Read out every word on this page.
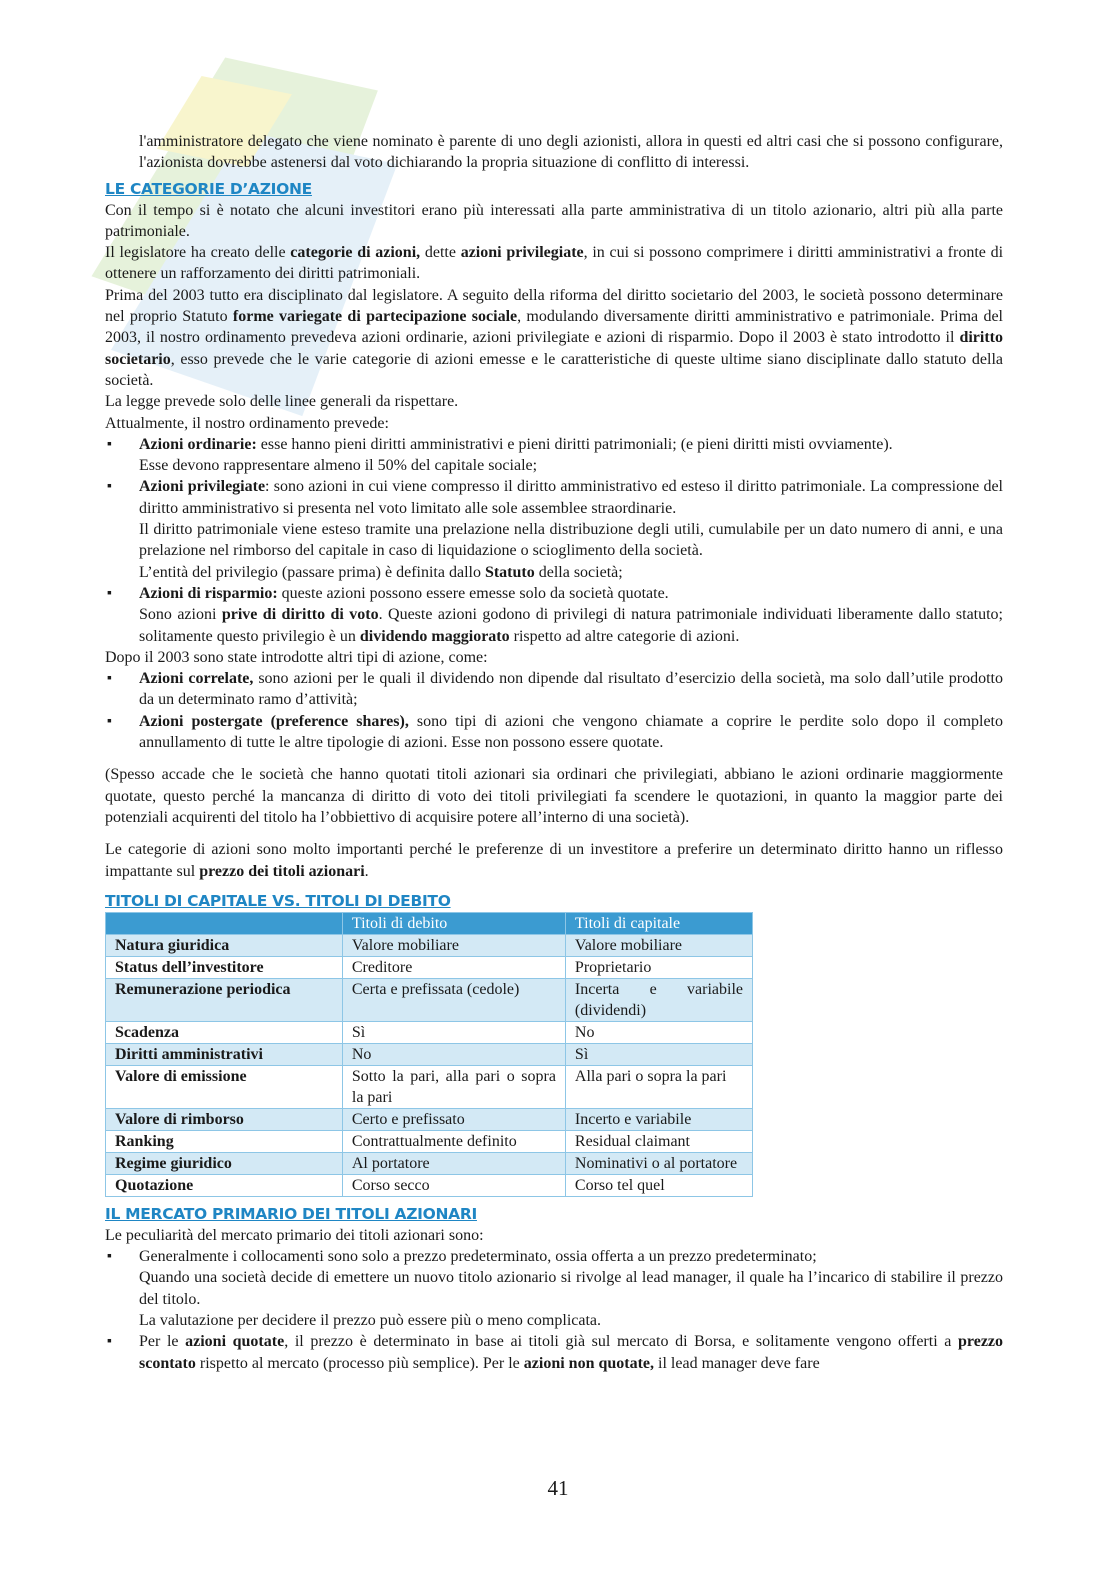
l'amministratore delegato che viene nominato è parente di uno degli azionisti, allora in questi ed altri casi che si possono configurare, l'azionista dovrebbe astenersi dal voto dichiarando la propria situazione di conflitto di interessi.

LE CATEGORIE D’AZIONE

Con il tempo si è notato che alcuni investitori erano più interessati alla parte amministrativa di un titolo azionario, altri più alla parte patrimoniale.

Il legislatore ha creato delle categorie di azioni, dette azioni privilegiate, in cui si possono comprimere i diritti amministrativi a fronte di ottenere un rafforzamento dei diritti patrimoniali.

Prima del 2003 tutto era disciplinato dal legislatore. A seguito della riforma del diritto societario del 2003, le società possono determinare nel proprio Statuto forme variegate di partecipazione sociale, modulando diversamente diritti amministrativo e patrimoniale. Prima del 2003, il nostro ordinamento prevedeva azioni ordinarie, azioni privilegiate e azioni di risparmio. Dopo il 2003 è stato introdotto il diritto societario, esso prevede che le varie categorie di azioni emesse e le caratteristiche di queste ultime siano disciplinate dallo statuto della società.

La legge prevede solo delle linee generali da rispettare.

Attualmente, il nostro ordinamento prevede:

▪ Azioni ordinarie: esse hanno pieni diritti amministrativi e pieni diritti patrimoniali; (e pieni diritti misti ovviamente).
Esse devono rappresentare almeno il 50% del capitale sociale;
▪ Azioni privilegiate: sono azioni in cui viene compresso il diritto amministrativo ed esteso il diritto patrimoniale. La compressione del diritto amministrativo si presenta nel voto limitato alle sole assemblee straordinarie.
Il diritto patrimoniale viene esteso tramite una prelazione nella distribuzione degli utili, cumulabile per un dato numero di anni, e una prelazione nel rimborso del capitale in caso di liquidazione o scioglimento della società.
L’entità del privilegio (passare prima) è definita dallo Statuto della società;
▪ Azioni di risparmio: queste azioni possono essere emesse solo da società quotate.
Sono azioni prive di diritto di voto. Queste azioni godono di privilegi di natura patrimoniale individuati liberamente dallo statuto; solitamente questo privilegio è un dividendo maggiorato rispetto ad altre categorie di azioni.

Dopo il 2003 sono state introdotte altri tipi di azione, come:

▪ Azioni correlate, sono azioni per le quali il dividendo non dipende dal risultato d’esercizio della società, ma solo dall’utile prodotto da un determinato ramo d’attività;
▪ Azioni postergate (preference shares), sono tipi di azioni che vengono chiamate a coprire le perdite solo dopo il completo annullamento di tutte le altre tipologie di azioni. Esse non possono essere quotate.

(Spesso accade che le società che hanno quotati titoli azionari sia ordinari che privilegiati, abbiano le azioni ordinarie maggiormente quotate, questo perché la mancanza di diritto di voto dei titoli privilegiati fa scendere le quotazioni, in quanto la maggior parte dei potenziali acquirenti del titolo ha l’obbiettivo di acquisire potere all’interno di una società).

Le categorie di azioni sono molto importanti perché le preferenze di un investitore a preferire un determinato diritto hanno un riflesso impattante sul prezzo dei titoli azionari.

TITOLI DI CAPITALE VS. TITOLI DI DEBITO
	Titoli di debito	Titoli di capitale
Natura giuridica	Valore mobiliare	Valore mobiliare
Status dell’investitore	Creditore	Proprietario
Remunerazione periodica	Certa e prefissata (cedole)	Incerta e variabile (dividendi)
Scadenza	Sì	No
Diritti amministrativi	No	Sì
Valore di emissione	Sotto la pari, alla pari o sopra la pari	Alla pari o sopra la pari
Valore di rimborso	Certo e prefissato	Incerto e variabile
Ranking	Contrattualmente definito	Residual claimant
Regime giuridico	Al portatore	Nominativi o al portatore
Quotazione	Corso secco	Corso tel quel
IL MERCATO PRIMARIO DEI TITOLI AZIONARI

Le peculiarità del mercato primario dei titoli azionari sono:

▪ Generalmente i collocamenti sono solo a prezzo predeterminato, ossia offerta a un prezzo predeterminato;
Quando una società decide di emettere un nuovo titolo azionario si rivolge al lead manager, il quale ha l’incarico di stabilire il prezzo del titolo.
La valutazione per decidere il prezzo può essere più o meno complicata.
▪ Per le azioni quotate, il prezzo è determinato in base ai titoli già sul mercato di Borsa, e solitamente vengono offerti a prezzo scontato rispetto al mercato (processo più semplice). Per le azioni non quotate, il lead manager deve fare
41
